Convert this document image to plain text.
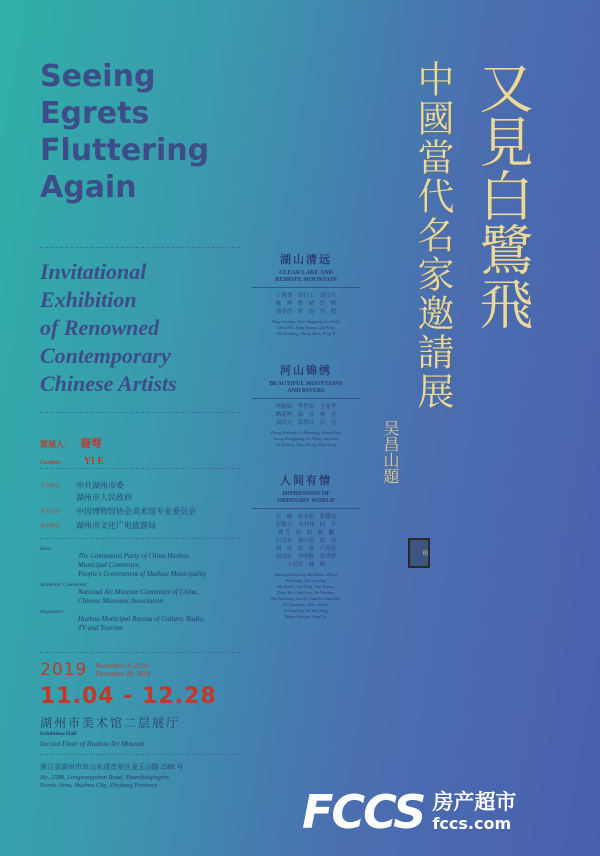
Seeing
Egrets
Fluttering
Again
Invitational
Exhibition
of Renowned
Contemporary
Chinese Artists
又見白鷺飛
中國當代名家邀請展
吴昌山題
印
湖山清远
CLEAR LAKE AND
REMOTE MOUNTAIN
丁观加　沈行工　刘江红
陈　辉　鲁　晴　岳　黔
刘争浩　覃　琨　冯　彪
Ding Guanjia, Shen Xinggong, Lu Jialu,
Chen Hui, Sang Huang, Qiu Ping,
Ou Xiaolong, Zhong Zhen, Peng Yi
河山锦绣
BEAUTIFUL MOUNTAINS
AND RIVERS
钟振振　李世南　王兆华
路遥明　陆　亚　林　亮
刘庆元　雷寒江　吕　亮
Zhong Shuhong, Li Zhanfang, Wang Erjia,
Tuong Dongguang, Lu Dong, Cai Jian,
Lu Qinfeng, Xiao Cheng, Zhao Lang
人间有情
IMPRESSION OF
ORDINARY WORLD
庄　敬　杜永起　张耀良
彭勤元　马书林　何　平
龚 雪　孙　跃　陈　鹏
石汉东　谢小虎　翁　涛
胡　亮　黄　磊　卢迎春
赵国宏　李明辉　梁华群
王冠军　林　峰
Zhuang Dongrong, Du Bishui, Zhong
Piaoliang, Luo Lemeng,
Ma Shulin, Sun Ping, Jing Yimiao,
Xuan Wu, Chen Jiao, Wu Wenhan,
Hu Xiaohong, Cai Jie, Yuan Lu Lian Mei,
Yi Chuanzhou, Zhao Weizhi,
Li Xiaofeng, Xu Shaolong,
Wang Guanjun, Teng Cai
策展人： 裔萼
Curator: YI E
主办单位	中共湖州市委
湖州市人民政府
学术支持	中国博物馆协会美术馆专业委员会
承办单位	湖州市文化广电旅游局
Host:
The Communist Party of China Huzhou
Municipal Committee,
People's Government of Huzhou Municipality
Academic Counselor:
National Art Museum Committee of China,
Chinese Museums Association
Organizer:
Huzhou Municipal Bureau of Culture, Radio,
TV and Tourism
2019 November 4, 2019 -
December 28, 2019
11.04 - 12.28
湖州市美术馆二层展厅
Exhibition Hall
Second Floor of Huzhou Art Museum
浙江省湖州市市山水清音景区龙王山路 2588 号
No. 2588, Longwangshan Road, Shanshuiqingyin
Scenic Area, Huzhou City, Zhejiang Province	FCCS 房产超市
fccs.com
